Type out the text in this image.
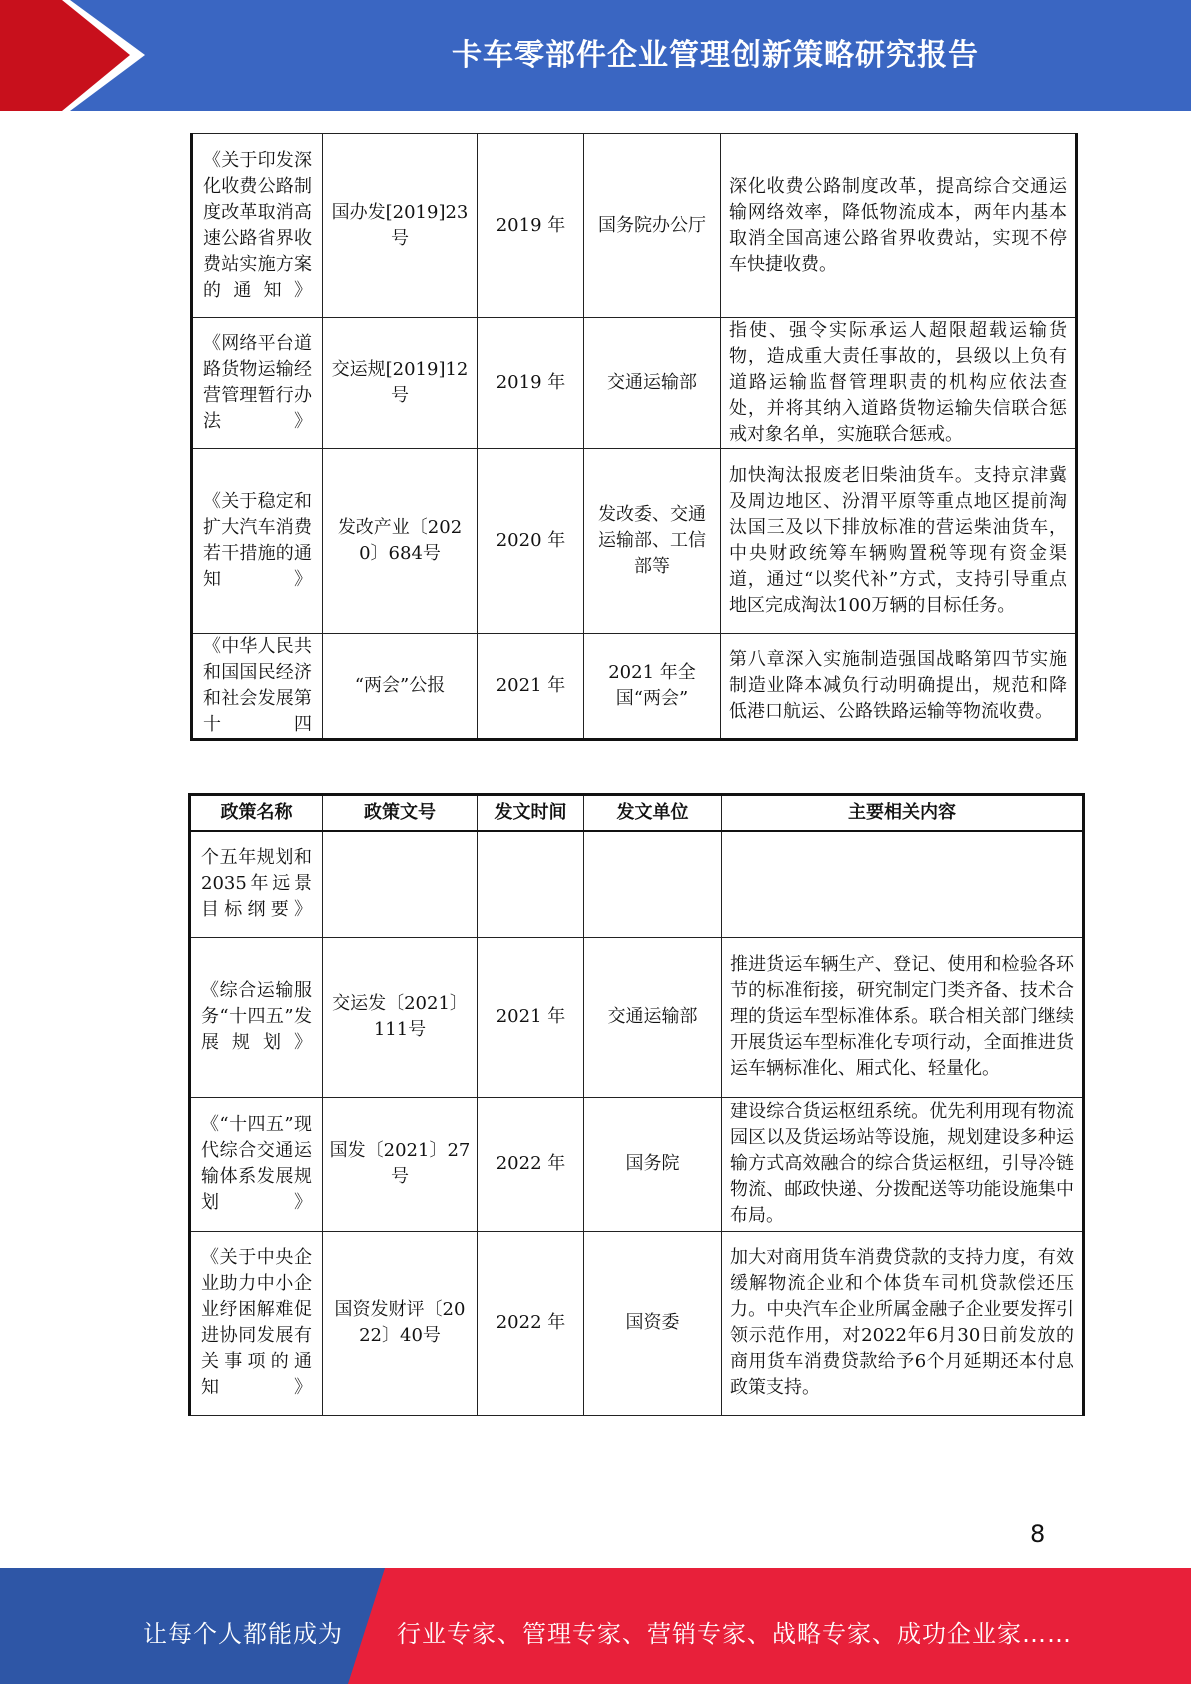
卡车零部件企业管理创新策略研究报告
《关于印发深化收费公路制度改革取消高速公路省界收费站实施方案的通知》	国办发[2019]23号	2019 年	国务院办公厅	深化收费公路制度改革，提高综合交通运输网络效率，降低物流成本，两年内基本取消全国高速公路省界收费站，实现不停车快捷收费。
《网络平台道路货物运输经营管理暂行办法》	交运规[2019]12号	2019 年	交通运输部	指使、强令实际承运人超限超载运输货物，造成重大责任事故的，县级以上负有道路运输监督管理职责的机构应依法查处，并将其纳入道路货物运输失信联合惩戒对象名单，实施联合惩戒。
《关于稳定和扩大汽车消费若干措施的通知》	发改产业〔2020〕684号	2020 年	发改委、交通运输部、工信部等	加快淘汰报废老旧柴油货车。支持京津冀及周边地区、汾渭平原等重点地区提前淘汰国三及以下排放标准的营运柴油货车，中央财政统筹车辆购置税等现有资金渠道，通过“以奖代补”方式，支持引导重点地区完成淘汰100万辆的目标任务。
《中华人民共和国国民经济和社会发展第十四	“两会”公报	2021 年	2021 年全国“两会”	第八章深入实施制造强国战略第四节实施制造业降本减负行动明确提出，规范和降低港口航运、公路铁路运输等物流收费。
政策名称	政策文号	发文时间	发文单位	主要相关内容
个五年规划和2035年远景目标纲要》				
《综合运输服务“十四五”发展规划》	交运发〔2021〕111号	2021 年	交通运输部	推进货运车辆生产、登记、使用和检验各环节的标准衔接，研究制定门类齐备、技术合理的货运车型标准体系。联合相关部门继续开展货运车型标准化专项行动，全面推进货运车辆标准化、厢式化、轻量化。
《“十四五”现代综合交通运输体系发展规划》	国发〔2021〕27号	2022 年	国务院	建设综合货运枢纽系统。优先利用现有物流园区以及货运场站等设施，规划建设多种运输方式高效融合的综合货运枢纽，引导冷链物流、邮政快递、分拨配送等功能设施集中布局。
《关于中央企业助力中小企业纾困解难促进协同发展有关事项的通知》	国资发财评〔2022〕40号	2022 年	国资委	加大对商用货车消费贷款的支持力度，有效缓解物流企业和个体货车司机贷款偿还压力。中央汽车企业所属金融子企业要发挥引领示范作用，对2022年6月30日前发放的商用货车消费贷款给予6个月延期还本付息政策支持。
8
让每个人都能成为 行业专家、管理专家、营销专家、战略专家、成功企业家……
